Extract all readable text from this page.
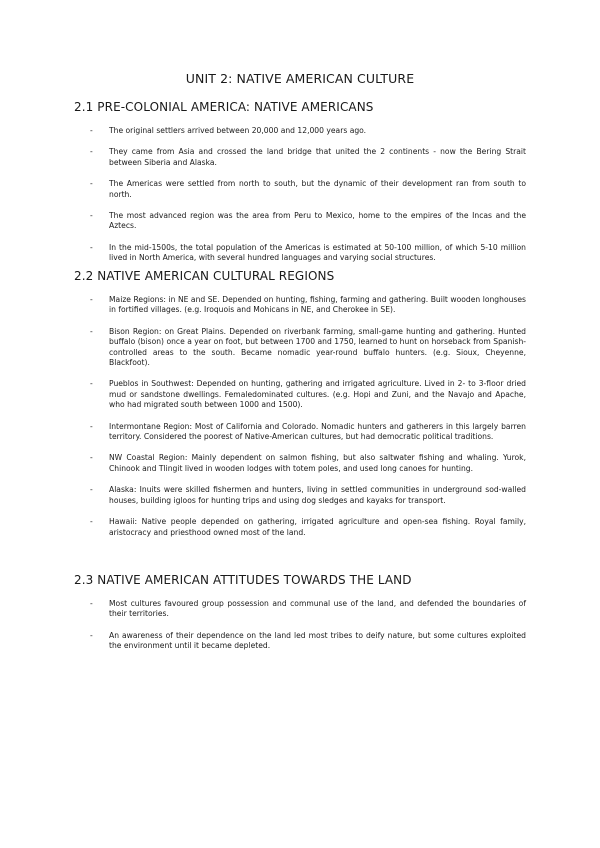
UNIT 2: NATIVE AMERICAN CULTURE
2.1 PRE-COLONIAL AMERICA: NATIVE AMERICANS
- The original settlers arrived between 20,000 and 12,000 years ago.
- They came from Asia and crossed the land bridge that united the 2 continents - now the Bering Strait between Siberia and Alaska.
- The Americas were settled from north to south, but the dynamic of their development ran from south to north.
- The most advanced region was the area from Peru to Mexico, home to the empires of the Incas and the Aztecs.
- In the mid-1500s, the total population of the Americas is estimated at 50-100 million, of which 5-10 million lived in North America, with several hundred languages and varying social structures.
2.2 NATIVE AMERICAN CULTURAL REGIONS
- Maize Regions: in NE and SE. Depended on hunting, fishing, farming and gathering. Built wooden longhouses in fortified villages. (e.g. Iroquois and Mohicans in NE, and Cherokee in SE).
- Bison Region: on Great Plains. Depended on riverbank farming, small-game hunting and gathering. Hunted buffalo (bison) once a year on foot, but between 1700 and 1750, learned to hunt on horseback from Spanish-controlled areas to the south. Became nomadic year-round buffalo hunters. (e.g. Sioux, Cheyenne, Blackfoot).
- Pueblos in Southwest: Depended on hunting, gathering and irrigated agriculture. Lived in 2- to 3-floor dried mud or sandstone dwellings. Femaledominated cultures. (e.g. Hopi and Zuni, and the Navajo and Apache, who had migrated south between 1000 and 1500).
- Intermontane Region: Most of California and Colorado. Nomadic hunters and gatherers in this largely barren territory. Considered the poorest of Native-American cultures, but had democratic political traditions.
- NW Coastal Region: Mainly dependent on salmon fishing, but also saltwater fishing and whaling. Yurok, Chinook and Tlingit lived in wooden lodges with totem poles, and used long canoes for hunting.
- Alaska: Inuits were skilled fishermen and hunters, living in settled communities in underground sod-walled houses, building igloos for hunting trips and using dog sledges and kayaks for transport.
- Hawaii: Native people depended on gathering, irrigated agriculture and open-sea fishing. Royal family, aristocracy and priesthood owned most of the land.
2.3 NATIVE AMERICAN ATTITUDES TOWARDS THE LAND
- Most cultures favoured group possession and communal use of the land, and defended the boundaries of their territories.
- An awareness of their dependence on the land led most tribes to deify nature, but some cultures exploited the environment until it became depleted.
